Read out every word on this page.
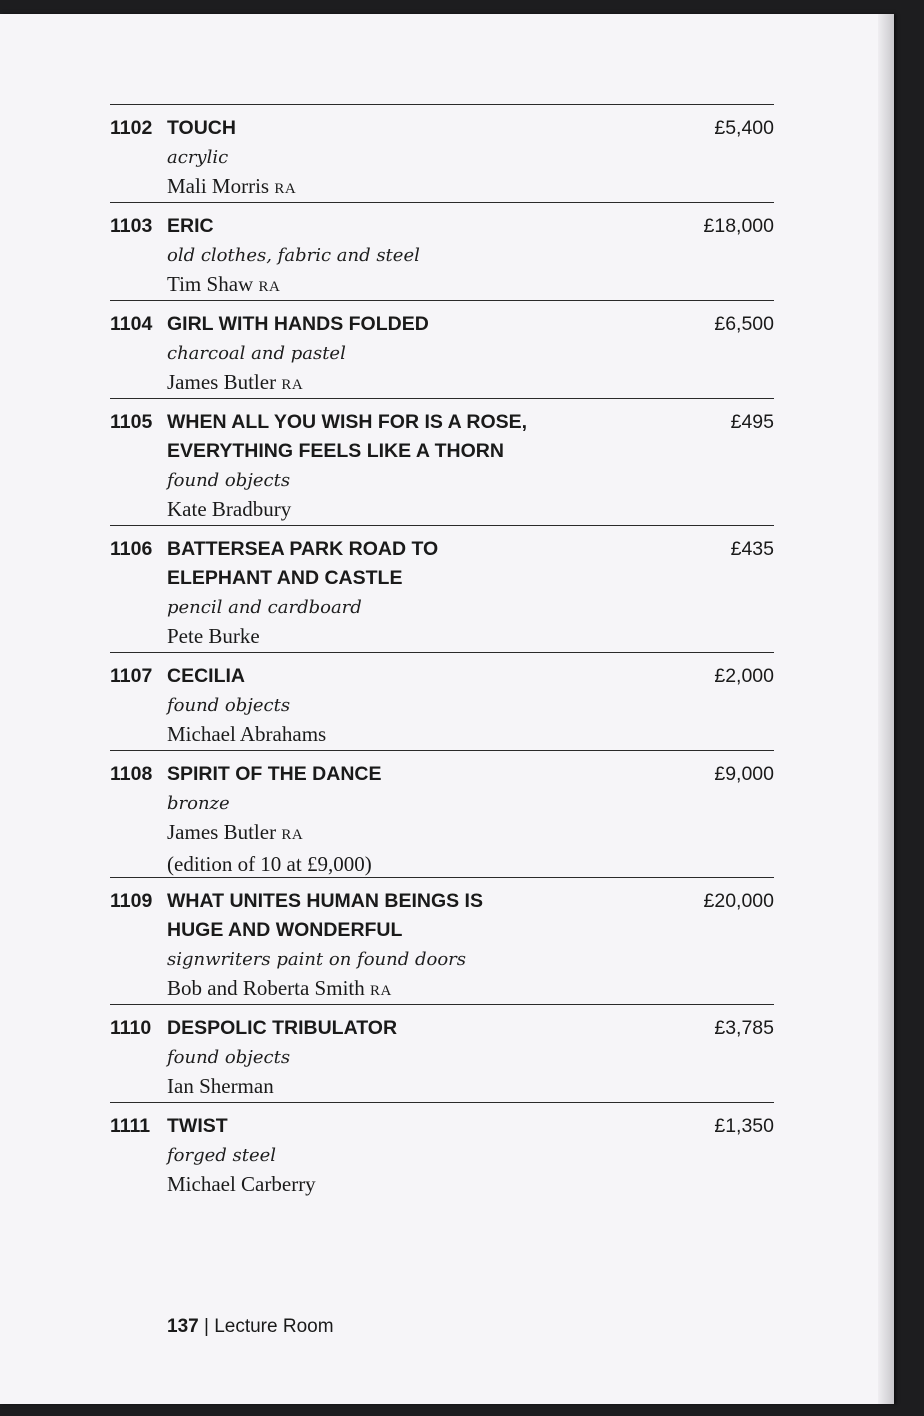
1102 TOUCH
acrylic
Mali Morris RA
£5,400
1103 ERIC
old clothes, fabric and steel
Tim Shaw RA
£18,000
1104 GIRL WITH HANDS FOLDED
charcoal and pastel
James Butler RA
£6,500
1105 WHEN ALL YOU WISH FOR IS A ROSE,
EVERYTHING FEELS LIKE A THORN
found objects
Kate Bradbury
£495
1106 BATTERSEA PARK ROAD TO
ELEPHANT AND CASTLE
pencil and cardboard
Pete Burke
£435
1107 CECILIA
found objects
Michael Abrahams
£2,000
1108 SPIRIT OF THE DANCE
bronze
James Butler RA
(edition of 10 at £9,000)
£9,000
1109 WHAT UNITES HUMAN BEINGS IS
HUGE AND WONDERFUL
signwriters paint on found doors
Bob and Roberta Smith RA
£20,000
1110 DESPOLIC TRIBULATOR
found objects
Ian Sherman
£3,785
1111 TWIST
forged steel
Michael Carberry
£1,350
137 | Lecture Room
